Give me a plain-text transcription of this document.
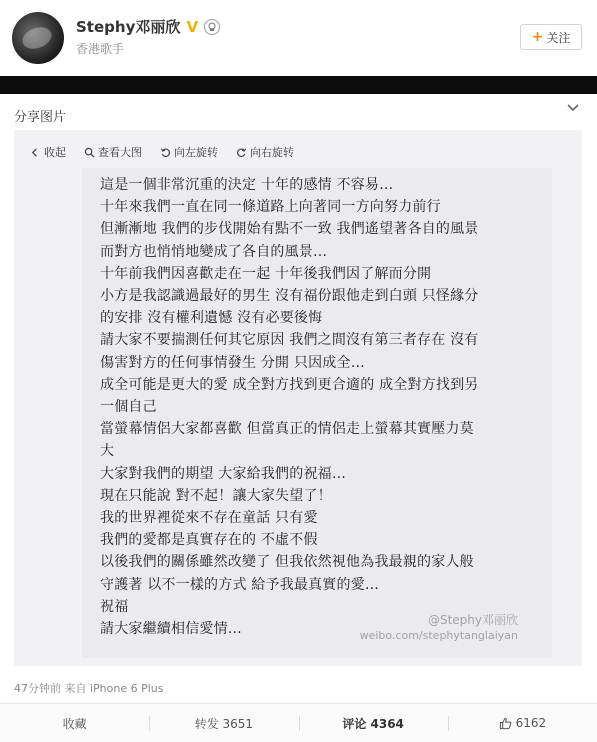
Stephy邓丽欣 V
香港歌手
+ 关注
分享图片
收起	查看大图	向左旋转	向右旋转
這是一個非常沉重的決定 十年的感情 不容易…
十年來我們一直在同一條道路上向著同一方向努力前行
但漸漸地 我們的步伐開始有點不一致 我們遙望著各自的風景
而對方也悄悄地變成了各自的風景…
十年前我們因喜歡走在一起 十年後我們因了解而分開
小方是我認識過最好的男生 沒有福份跟他走到白頭 只怪緣分
的安排 沒有權利遺憾 沒有必要後悔
請大家不要揣測任何其它原因 我們之間沒有第三者存在 沒有
傷害對方的任何事情發生 分開 只因成全…
成全可能是更大的愛 成全對方找到更合適的 成全對方找到另
一個自己
當螢幕情侶大家都喜歡 但當真正的情侶走上螢幕其實壓力莫
大
大家對我們的期望 大家給我們的祝福…
現在只能說 對不起！讓大家失望了！
我的世界裡從來不存在童話 只有愛
我們的愛都是真實存在的 不虛不假
以後我們的關係雖然改變了 但我依然視他為我最親的家人般
守護著 以不一樣的方式 給予我最真實的愛…
祝福
請大家繼續相信愛情…
@Stephy邓丽欣
weibo.com/stephytanglaiyan
47分钟前 来自 iPhone 6 Plus
收藏	转发 3651	评论 4364	6162
